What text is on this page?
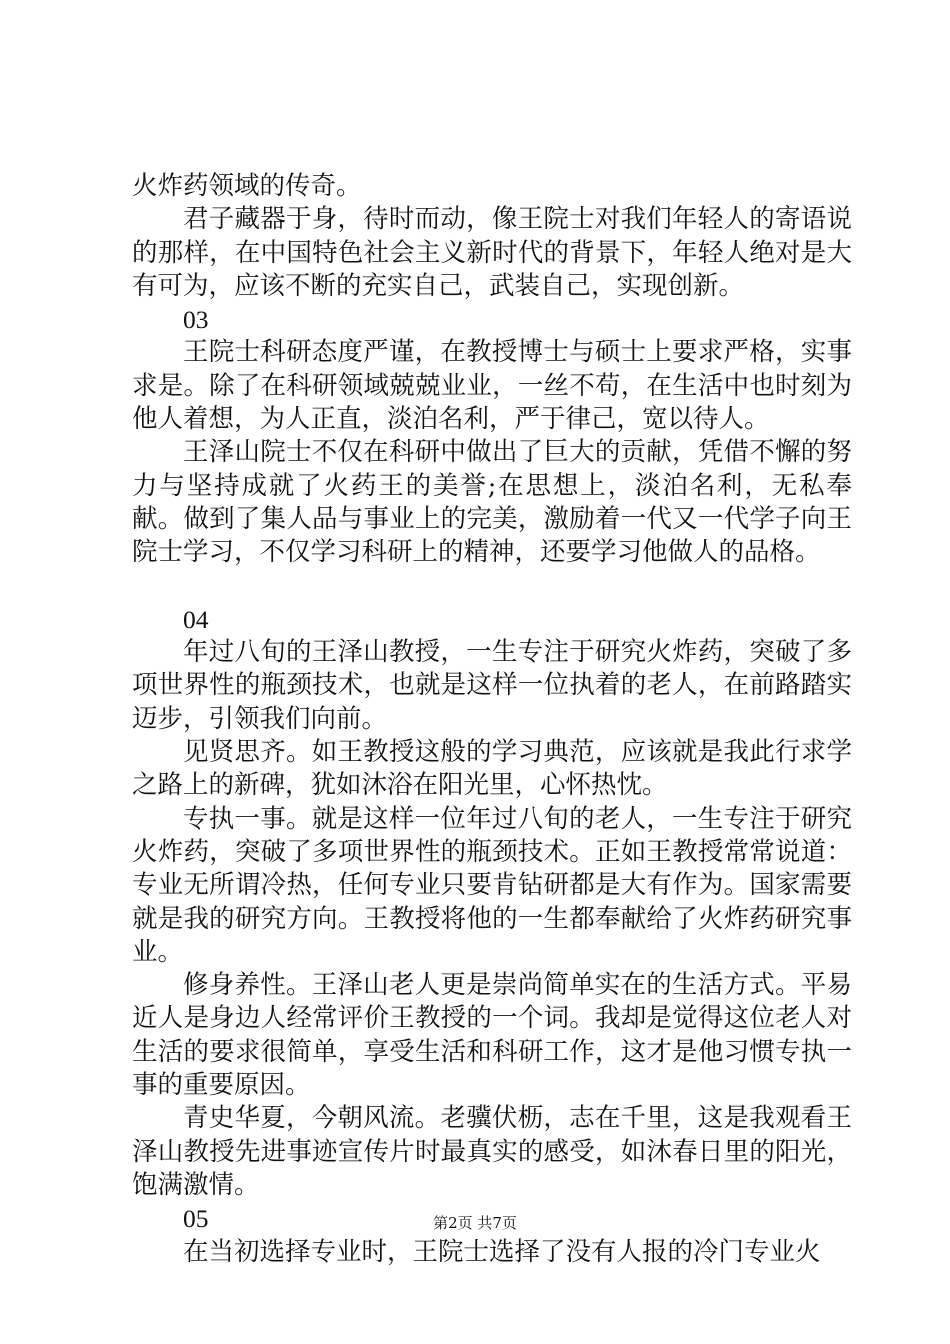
火炸药领域的传奇。

君子藏器于身，待时而动，像王院士对我们年轻人的寄语说的那样，在中国特色社会主义新时代的背景下，年轻人绝对是大有可为，应该不断的充实自己，武装自己，实现创新。

03

王院士科研态度严谨，在教授博士与硕士上要求严格，实事求是。除了在科研领域兢兢业业，一丝不苟，在生活中也时刻为他人着想，为人正直，淡泊名利，严于律己，宽以待人。

王泽山院士不仅在科研中做出了巨大的贡献，凭借不懈的努力与坚持成就了火药王的美誉;在思想上，淡泊名利，无私奉献。做到了集人品与事业上的完美，激励着一代又一代学子向王院士学习，不仅学习科研上的精神，还要学习他做人的品格。

04

年过八旬的王泽山教授，一生专注于研究火炸药，突破了多项世界性的瓶颈技术，也就是这样一位执着的老人，在前路踏实迈步，引领我们向前。

见贤思齐。如王教授这般的学习典范，应该就是我此行求学之路上的新碑，犹如沐浴在阳光里，心怀热忱。

专执一事。就是这样一位年过八旬的老人，一生专注于研究火炸药，突破了多项世界性的瓶颈技术。正如王教授常常说道：专业无所谓冷热，任何专业只要肯钻研都是大有作为。国家需要就是我的研究方向。王教授将他的一生都奉献给了火炸药研究事业。

修身养性。王泽山老人更是崇尚简单实在的生活方式。平易近人是身边人经常评价王教授的一个词。我却是觉得这位老人对生活的要求很简单，享受生活和科研工作，这才是他习惯专执一事的重要原因。

青史华夏，今朝风流。老骥伏枥，志在千里，这是我观看王泽山教授先进事迹宣传片时最真实的感受，如沐春日里的阳光，饱满激情。

05

在当初选择专业时，王院士选择了没有人报的冷门专业火

第2页 共7页
